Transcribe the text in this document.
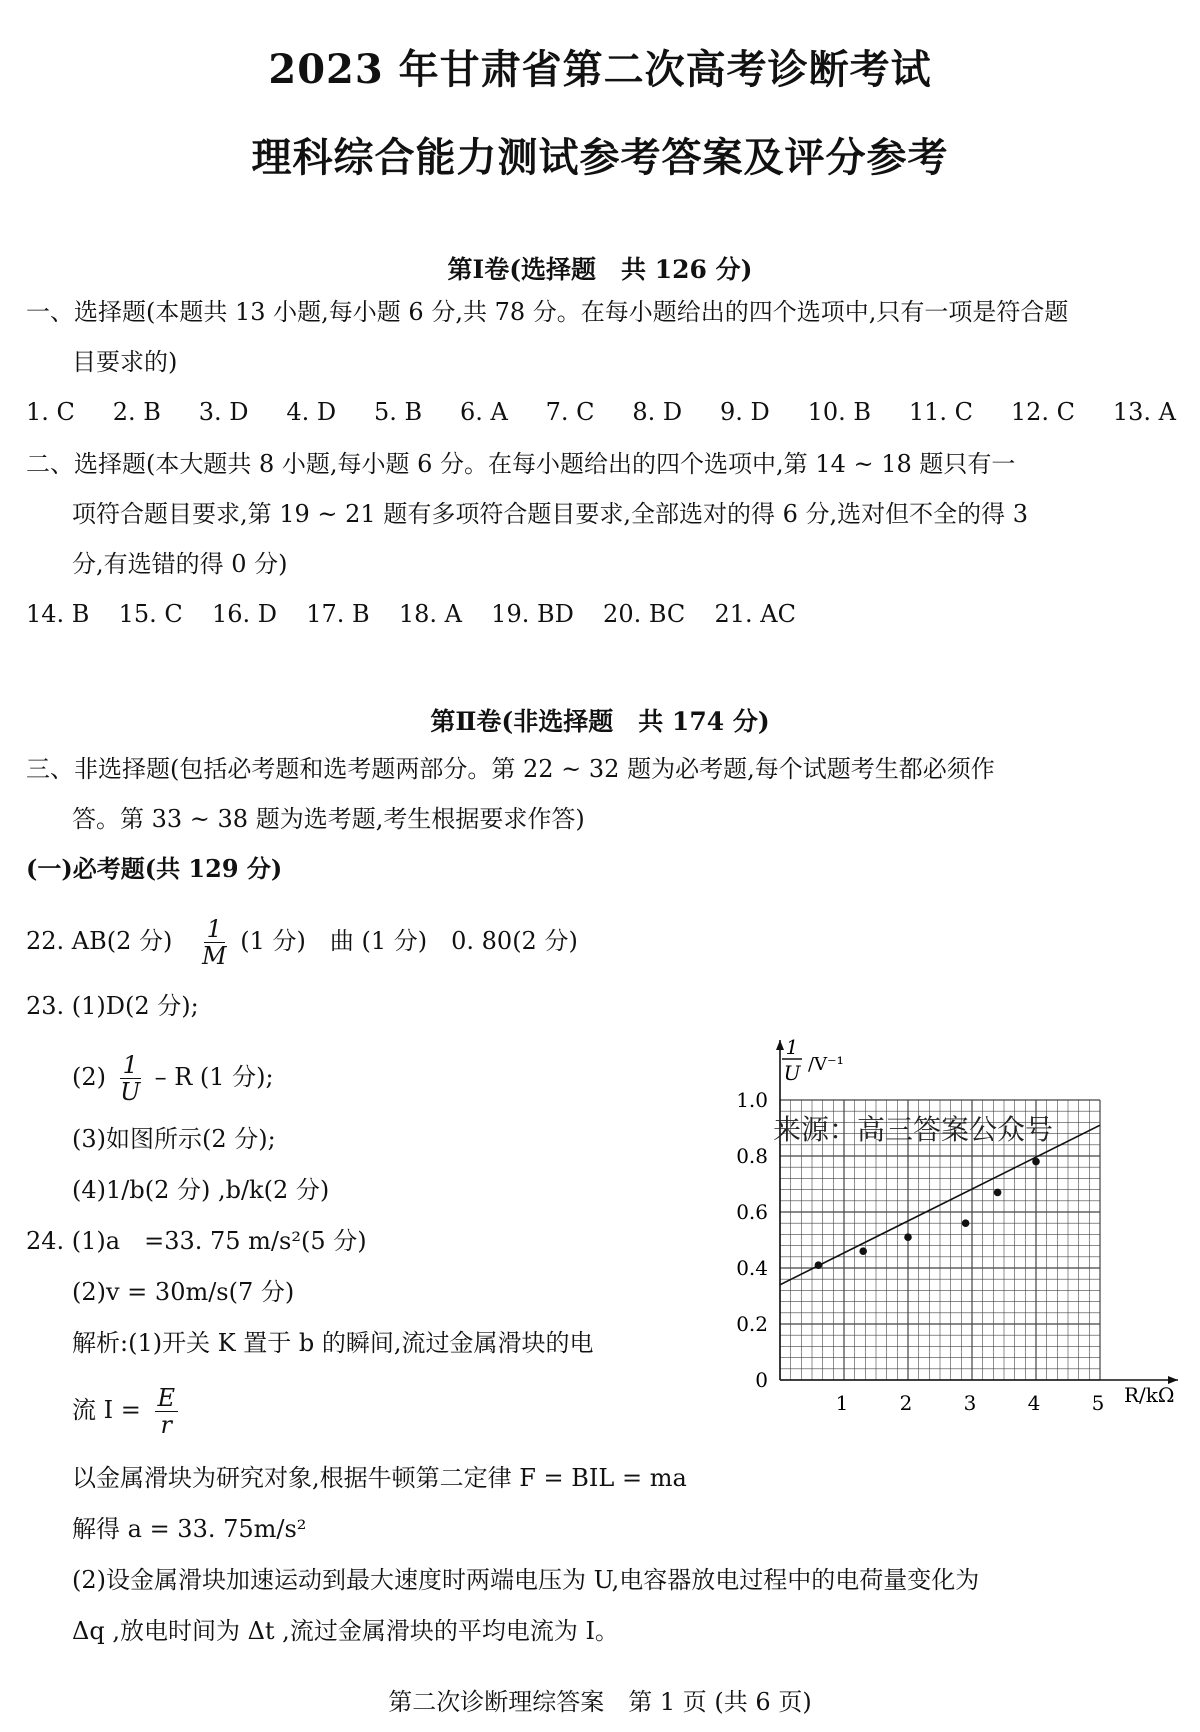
2023 年甘肃省第二次高考诊断考试
理科综合能力测试参考答案及评分参考
第Ⅰ卷(选择题　共 126 分)
一、选择题(本题共 13 小题,每小题 6 分,共 78 分。在每小题给出的四个选项中,只有一项是符合题
目要求的)
1. C 2. B 3. D 4. D 5. B 6. A 7. C 8. D 9. D 10. B 11. C 12. C 13. A
二、选择题(本大题共 8 小题,每小题 6 分。在每小题给出的四个选项中,第 14 ~ 18 题只有一
项符合题目要求,第 19 ~ 21 题有多项符合题目要求,全部选对的得 6 分,选对但不全的得 3
分,有选错的得 0 分)
14. B 15. C 16. D 17. B 18. A 19. BD 20. BC 21. AC
第Ⅱ卷(非选择题　共 174 分)
三、非选择题(包括必考题和选考题两部分。第 22 ~ 32 题为必考题,每个试题考生都必须作
答。第 33 ~ 38 题为选考题,考生根据要求作答)
(一)必考题(共 129 分)
22. AB(2 分) $\frac{1}{M} (1$ 分)　曲 (1 分)　0. 80(2 分)
23. (1)D(2 分);
$(2) \frac{1}{U}$ – R (1 分);
(3)如图所示(2 分);
(4)1/b(2 分) ,b/k(2 分)
24. (1)a　=33. 75 m/s²(5 分)
(2)v = 30m/s(7 分)
解析:(1)开关 K 置于 b 的瞬间,流过金属滑块的电
流 $I = \frac{E}{r}$
以金属滑块为研究对象,根据牛顿第二定律 F = BIL = ma
解得 a = 33. 75m/s²
(2)设金属滑块加速运动到最大速度时两端电压为 U,电容器放电过程中的电荷量变化为
Δq ,放电时间为 Δt ,流过金属滑块的平均电流为 I。
1	2	3	4	5
0
0.2
0.4
0.6
0.8
1.0
1
U /V⁻¹
R/kΩ
来源：高三答案公众号
第二次诊断理综答案　第 1 页 (共 6 页)
